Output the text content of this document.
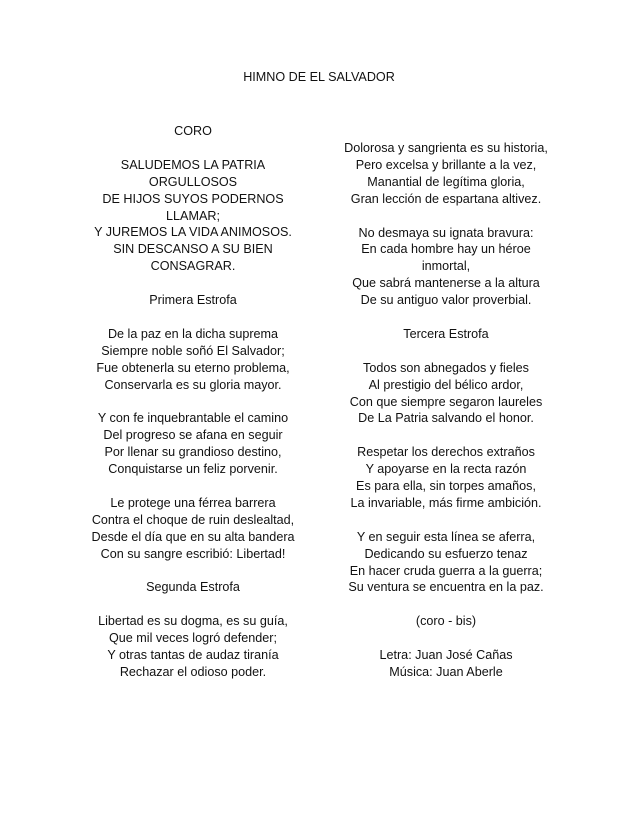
HIMNO DE EL SALVADOR
CORO
SALUDEMOS LA PATRIA
ORGULLOSOS
DE HIJOS SUYOS PODERNOS
LLAMAR;
Y JUREMOS LA VIDA ANIMOSOS.
SIN DESCANSO A SU BIEN
CONSAGRAR.
Primera Estrofa
De la paz en la dicha suprema
Siempre noble soñó El Salvador;
Fue obtenerla su eterno problema,
Conservarla es su gloria mayor.
Y con fe inquebrantable el camino
Del progreso se afana en seguir
Por llenar su grandioso destino,
Conquistarse un feliz porvenir.
Le protege una férrea barrera
Contra el choque de ruin deslealtad,
Desde el día que en su alta bandera
Con su sangre escribió: Libertad!
Segunda Estrofa
Libertad es su dogma, es su guía,
Que mil veces logró defender;
Y otras tantas de audaz tiranía
Rechazar el odioso poder.
Dolorosa y sangrienta es su historia,
Pero excelsa y brillante a la vez,
Manantial de legítima gloria,
Gran lección de espartana altivez.
No desmaya su ignata bravura:
En cada hombre hay un héroe
inmortal,
Que sabrá mantenerse a la altura
De su antiguo valor proverbial.
Tercera Estrofa
Todos son abnegados y fieles
Al prestigio del bélico ardor,
Con que siempre segaron laureles
De La Patria salvando el honor.
Respetar los derechos extraños
Y apoyarse en la recta razón
Es para ella, sin torpes amaños,
La invariable, más firme ambición.
Y en seguir esta línea se aferra,
Dedicando su esfuerzo tenaz
En hacer cruda guerra a la guerra;
Su ventura se encuentra en la paz.
(coro - bis)
Letra: Juan José Cañas
Música: Juan Aberle
